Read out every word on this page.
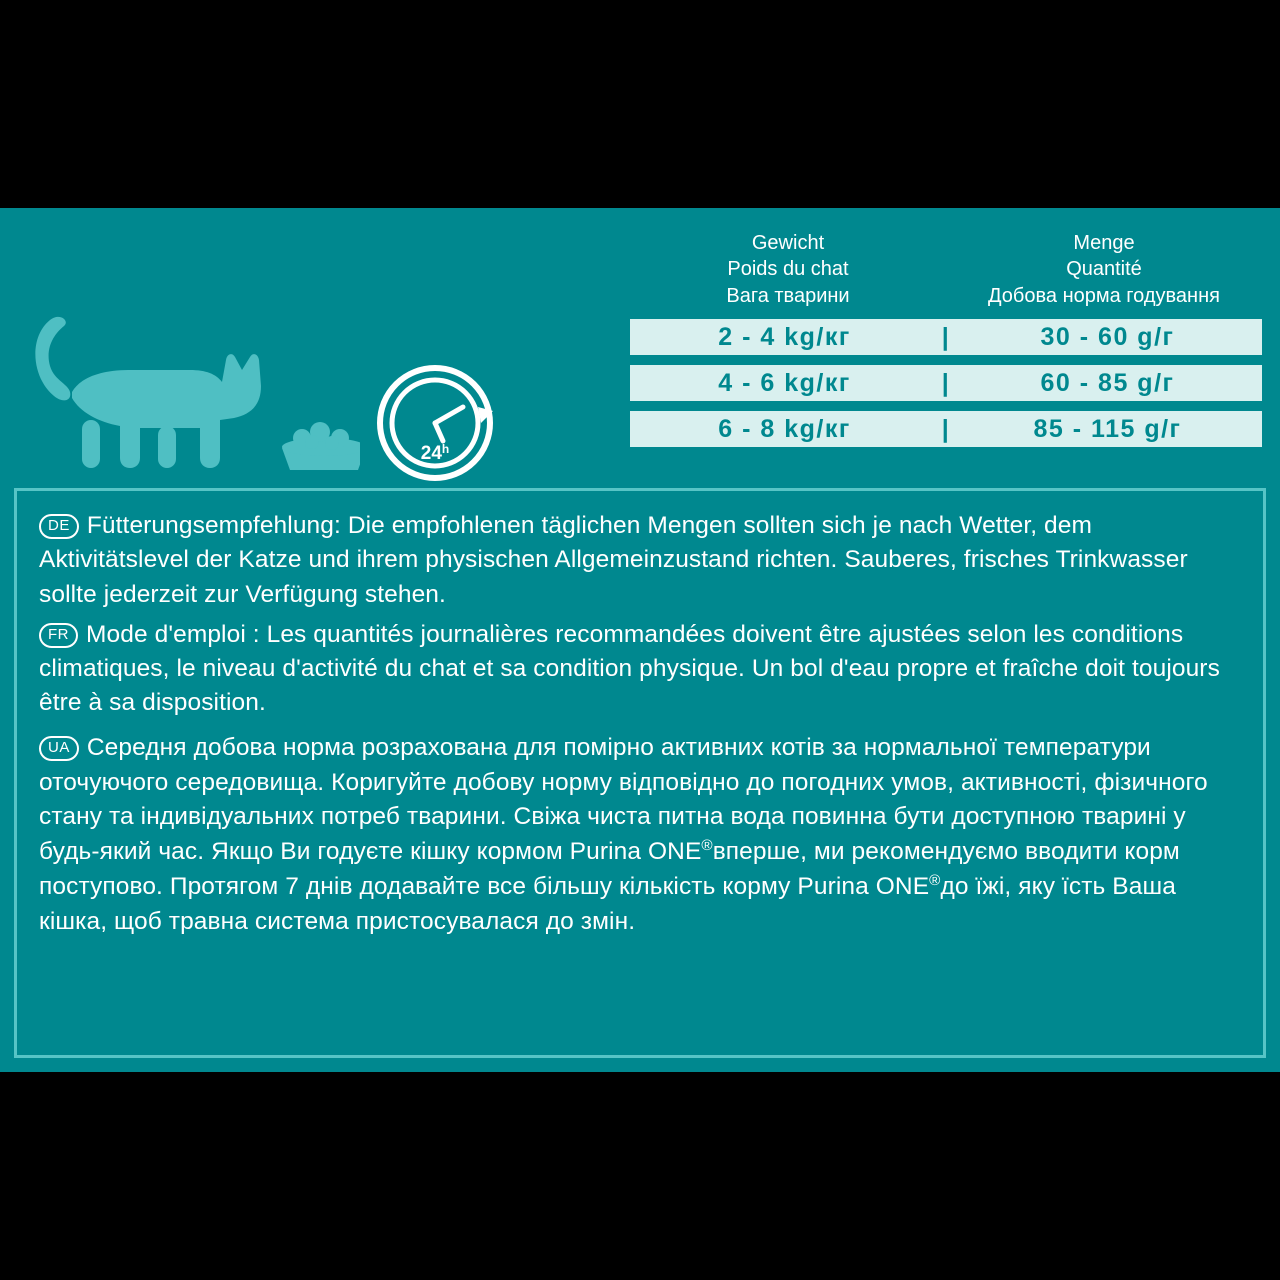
24$^h$
Gewicht
Poids du chat
Вага тварини
Menge
Quantité
Добова норма годування
2 - 4 kg/кг	|	30 - 60 g/г
4 - 6 kg/кг	|	60 - 85 g/г
6 - 8 kg/кг	|	85 - 115 g/г

DE Fütterungsempfehlung: Die empfohlenen täglichen Mengen sollten sich je nach Wetter, dem Aktivitätslevel der Katze und ihrem physischen Allgemeinzustand richten. Sauberes, frisches Trinkwasser sollte jederzeit zur Verfügung stehen.

FR Mode d'emploi : Les quantités journalières recommandées doivent être ajustées selon les conditions climatiques, le niveau d'activité du chat et sa condition physique. Un bol d'eau propre et fraîche doit toujours être à sa disposition.

UA Середня добова норма розрахована для помірно активних котів за нормальної температури оточуючого середовища. Коригуйте добову норму відповідно до погодних умов, активності, фізичного стану та індивідуальних потреб тварини. Свіжа чиста питна вода повинна бути доступною тварині у будь-який час. Якщо Ви годуєте кішку кормом Purina ONE®вперше, ми рекомендуємо вводити корм поступово. Протягом 7 днів додавайте все більшу кількість корму Purina ONE®до їжі, яку їсть Ваша кішка, щоб травна система пристосувалася до змін.
